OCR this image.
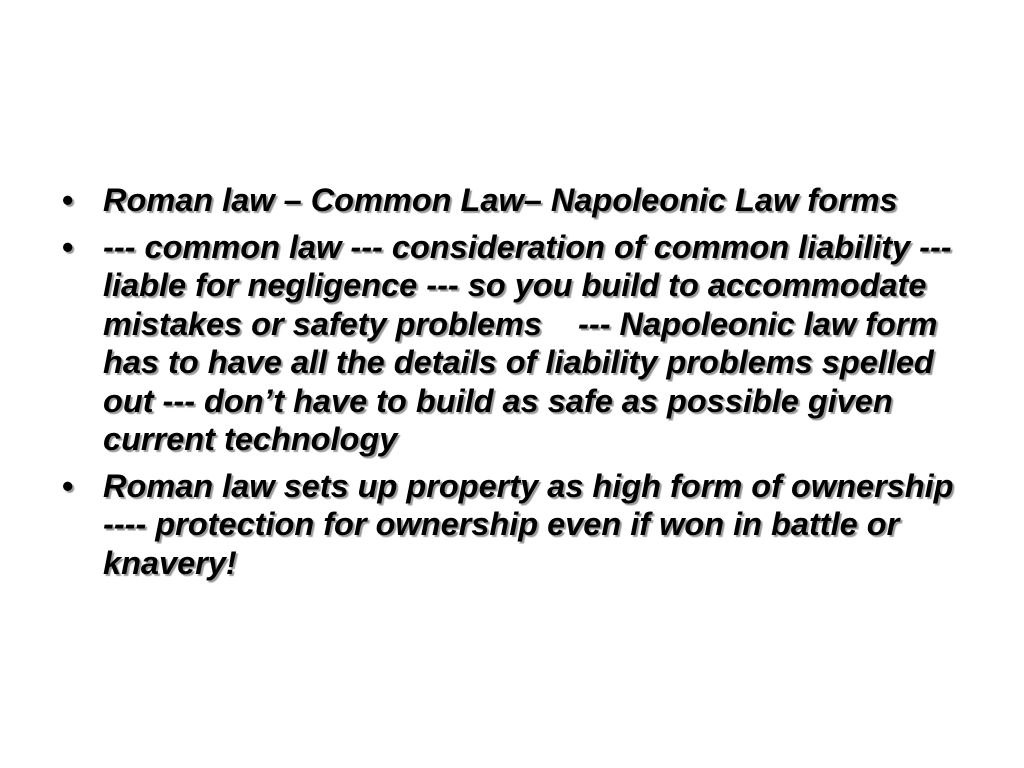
• Roman law – Common Law– Napoleonic Law forms
• --- common law --- consideration of common liability --- liable for negligence --- so you build to accommodate mistakes or safety problems    --- Napoleonic law form has to have all the details of liability problems spelled out --- don’t have to build as safe as possible given current technology
• Roman law sets up property as high form of ownership ---- protection for ownership even if won in battle or knavery!
